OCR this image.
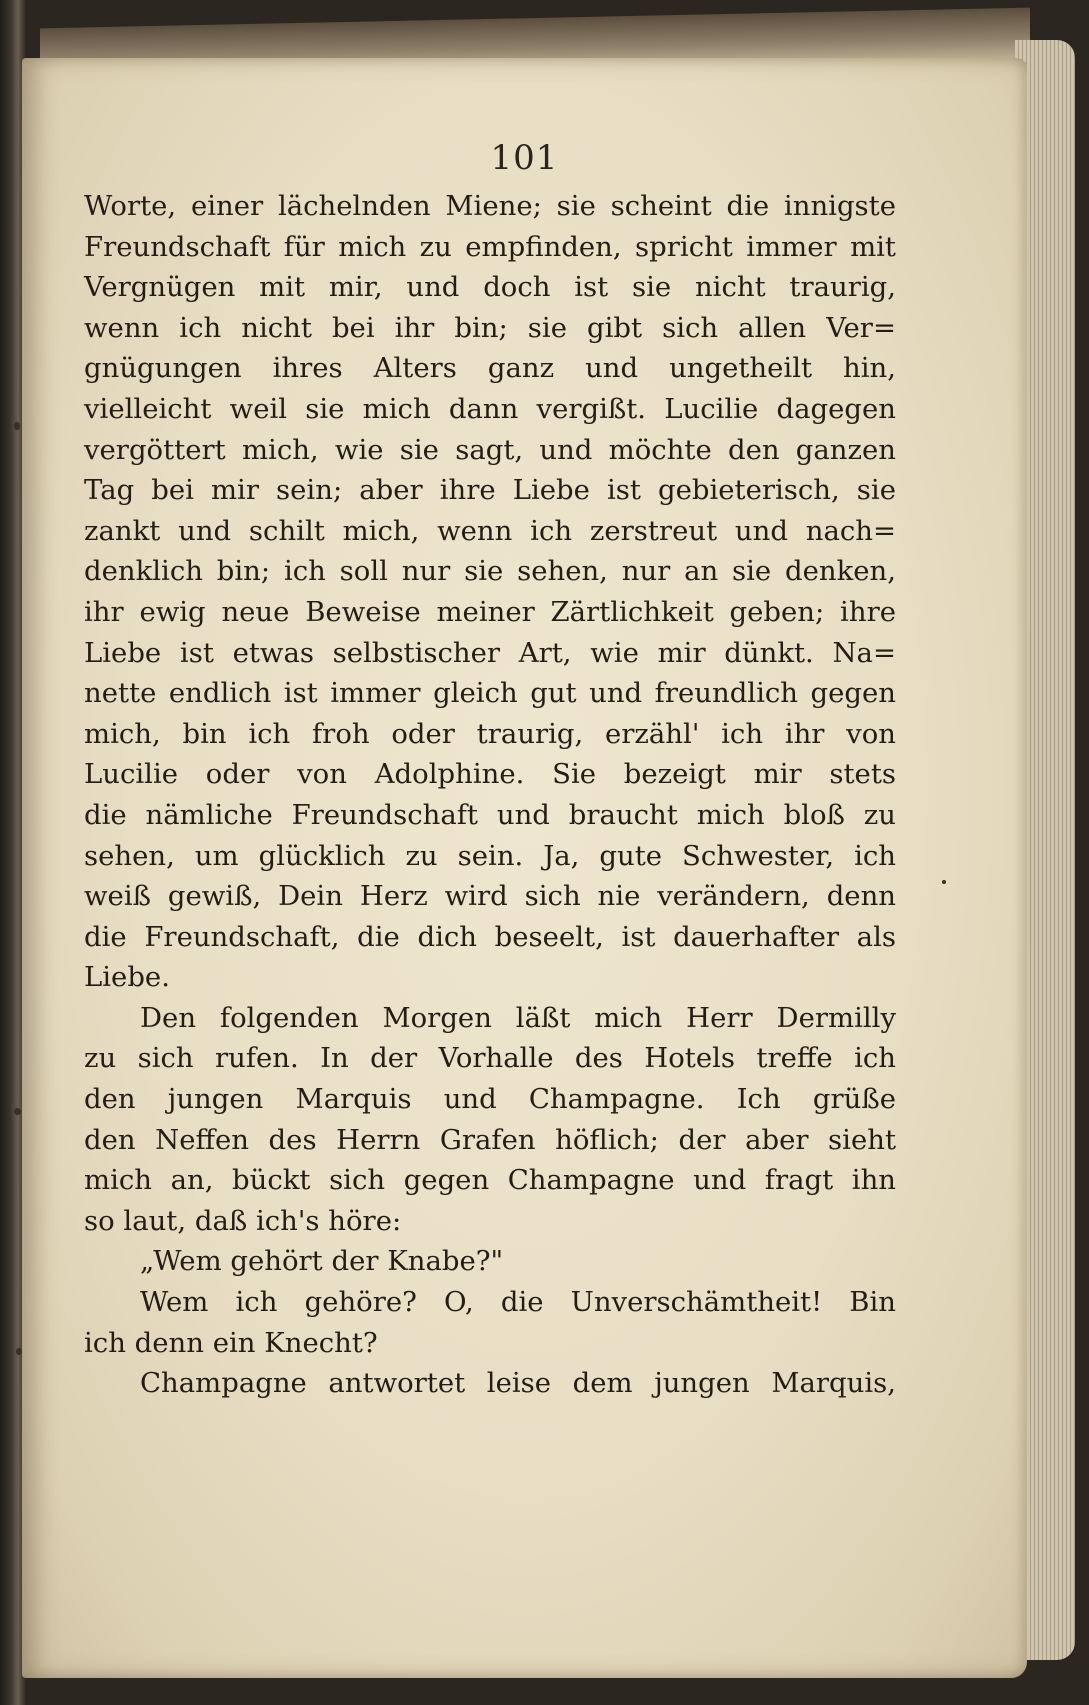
101
Worte, einer lächelnden Miene; sie scheint die innigste
Freundschaft für mich zu empfinden, spricht immer mit
Vergnügen mit mir, und doch ist sie nicht traurig,
wenn ich nicht bei ihr bin; sie gibt sich allen Ver=
gnügungen ihres Alters ganz und ungetheilt hin,
vielleicht weil sie mich dann vergißt. Lucilie dagegen
vergöttert mich, wie sie sagt, und möchte den ganzen
Tag bei mir sein; aber ihre Liebe ist gebieterisch, sie
zankt und schilt mich, wenn ich zerstreut und nach=
denklich bin; ich soll nur sie sehen, nur an sie denken,
ihr ewig neue Beweise meiner Zärtlichkeit geben; ihre
Liebe ist etwas selbstischer Art, wie mir dünkt. Na=
nette endlich ist immer gleich gut und freundlich gegen
mich, bin ich froh oder traurig, erzähl' ich ihr von
Lucilie oder von Adolphine. Sie bezeigt mir stets
die nämliche Freundschaft und braucht mich bloß zu
sehen, um glücklich zu sein. Ja, gute Schwester, ich
weiß gewiß, Dein Herz wird sich nie verändern, denn
die Freundschaft, die dich beseelt, ist dauerhafter als
Liebe.
Den folgenden Morgen läßt mich Herr Dermilly
zu sich rufen. In der Vorhalle des Hotels treffe ich
den jungen Marquis und Champagne. Ich grüße
den Neffen des Herrn Grafen höflich; der aber sieht
mich an, bückt sich gegen Champagne und fragt ihn
so laut, daß ich's höre:
„Wem gehört der Knabe?"
Wem ich gehöre? O, die Unverschämtheit! Bin
ich denn ein Knecht?
Champagne antwortet leise dem jungen Marquis,
